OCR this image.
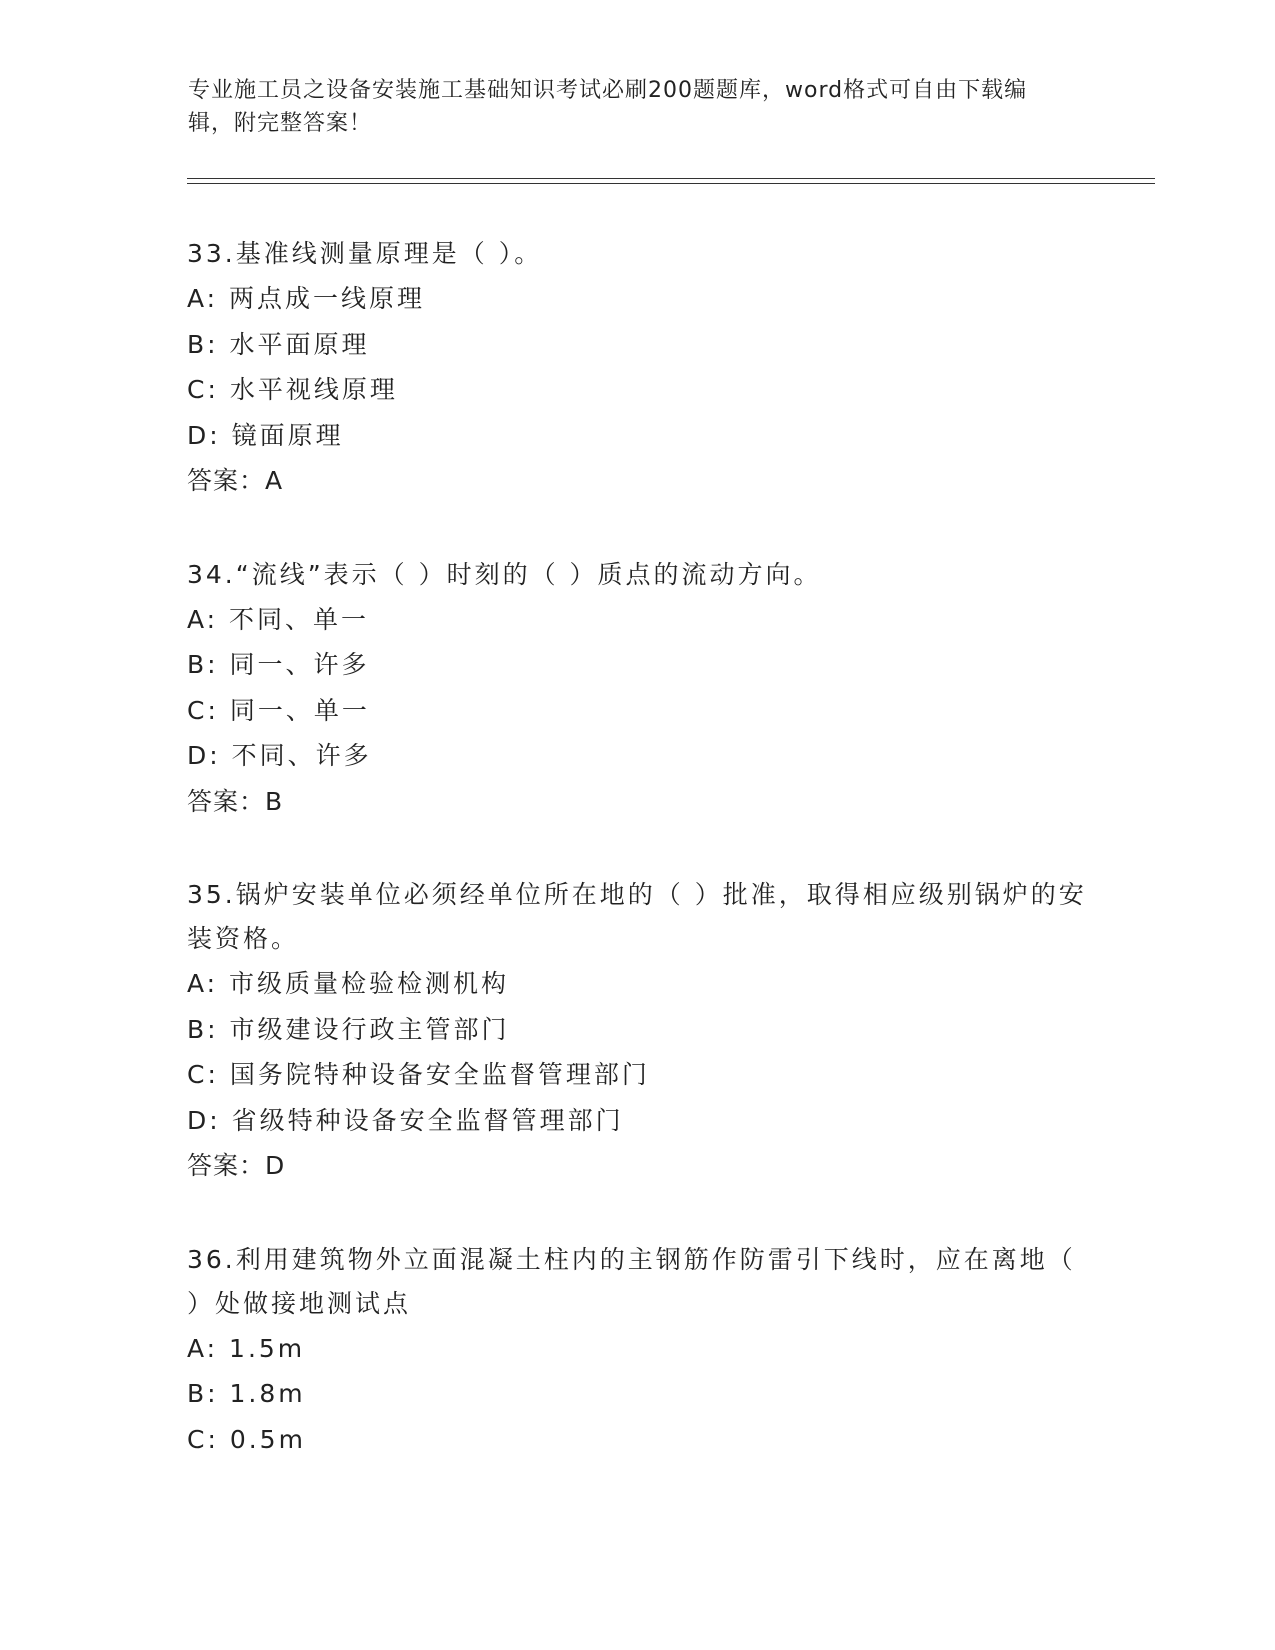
专业施工员之设备安装施工基础知识考试必刷200题题库，word格式可自由下载编辑，附完整答案！

33.基准线测量原理是（ ）。

A: 两点成一线原理

B: 水平面原理

C: 水平视线原理

D: 镜面原理

答案：A

34.“流线”表示（ ）时刻的（ ）质点的流动方向。

A: 不同、单一

B: 同一、许多

C: 同一、单一

D: 不同、许多

答案：B

35.锅炉安装单位必须经单位所在地的（ ）批准，取得相应级别锅炉的安装资格。

A: 市级质量检验检测机构

B: 市级建设行政主管部门

C: 国务院特种设备安全监督管理部门

D: 省级特种设备安全监督管理部门

答案：D

36.利用建筑物外立面混凝土柱内的主钢筋作防雷引下线时，应在离地（ ）处做接地测试点

A: 1.5m

B: 1.8m

C: 0.5m
